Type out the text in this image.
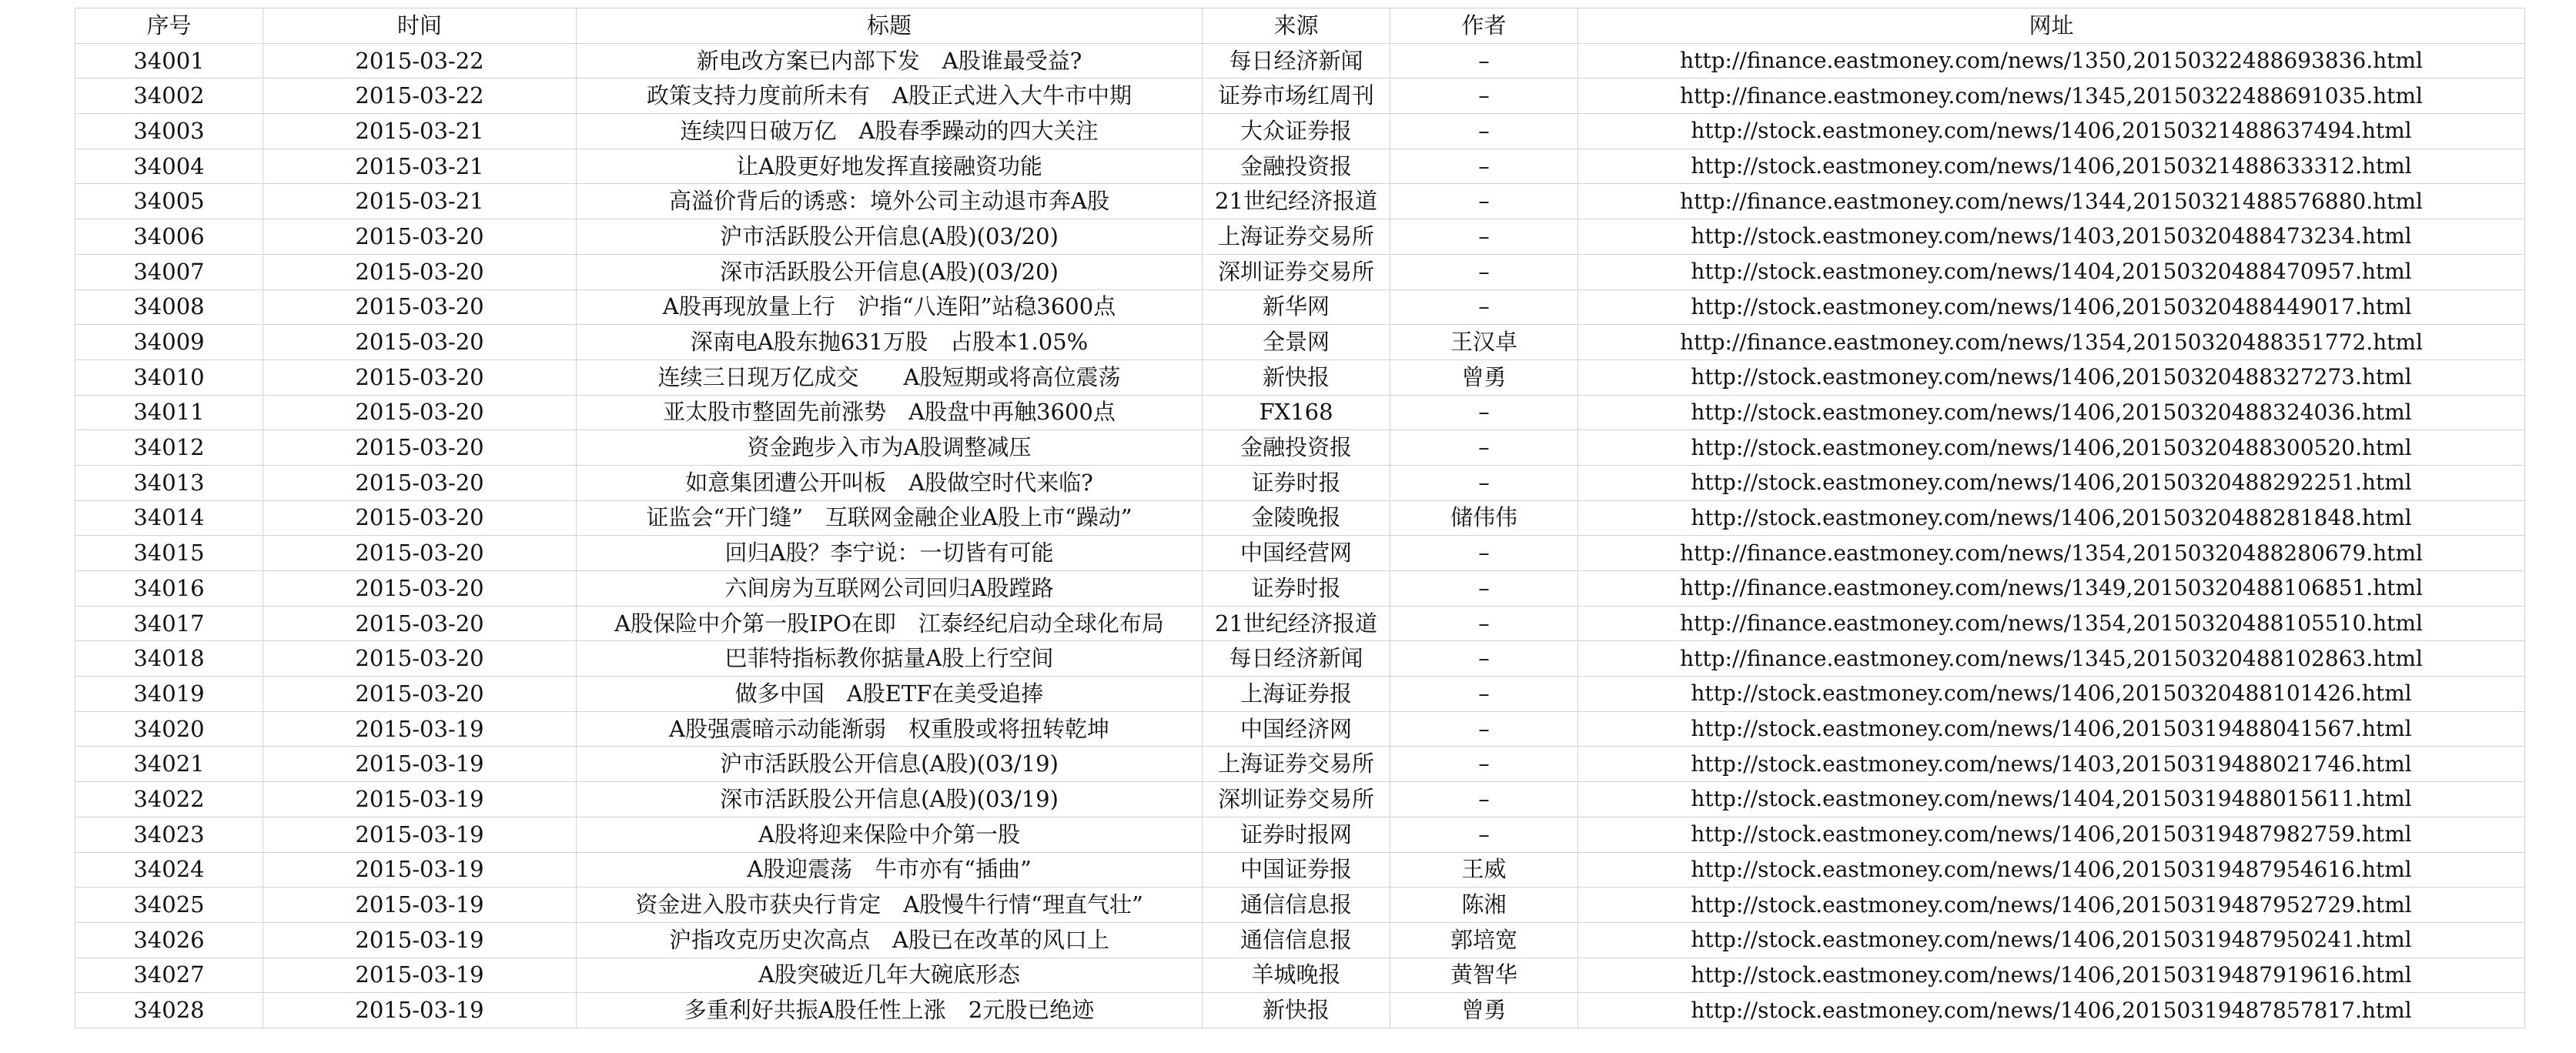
序号	时间	标题	来源	作者	网址
34001	2015-03-22	新电改方案已内部下发　A股谁最受益?	每日经济新闻	–	http://finance.eastmoney.com/news/1350,20150322488693836.html
34002	2015-03-22	政策支持力度前所未有　A股正式进入大牛市中期	证券市场红周刊	–	http://finance.eastmoney.com/news/1345,20150322488691035.html
34003	2015-03-21	连续四日破万亿　A股春季躁动的四大关注	大众证券报	–	http://stock.eastmoney.com/news/1406,20150321488637494.html
34004	2015-03-21	让A股更好地发挥直接融资功能	金融投资报	–	http://stock.eastmoney.com/news/1406,20150321488633312.html
34005	2015-03-21	高溢价背后的诱惑：境外公司主动退市奔A股	21世纪经济报道	–	http://finance.eastmoney.com/news/1344,20150321488576880.html
34006	2015-03-20	沪市活跃股公开信息(A股)(03/20)	上海证券交易所	–	http://stock.eastmoney.com/news/1403,20150320488473234.html
34007	2015-03-20	深市活跃股公开信息(A股)(03/20)	深圳证券交易所	–	http://stock.eastmoney.com/news/1404,20150320488470957.html
34008	2015-03-20	A股再现放量上行　沪指“八连阳”站稳3600点	新华网	–	http://stock.eastmoney.com/news/1406,20150320488449017.html
34009	2015-03-20	深南电A股东抛631万股　占股本1.05%	全景网	王汉卓	http://finance.eastmoney.com/news/1354,20150320488351772.html
34010	2015-03-20	连续三日现万亿成交　　A股短期或将高位震荡	新快报	曾勇	http://stock.eastmoney.com/news/1406,20150320488327273.html
34011	2015-03-20	亚太股市整固先前涨势　A股盘中再触3600点	FX168	–	http://stock.eastmoney.com/news/1406,20150320488324036.html
34012	2015-03-20	资金跑步入市为A股调整减压	金融投资报	–	http://stock.eastmoney.com/news/1406,20150320488300520.html
34013	2015-03-20	如意集团遭公开叫板　A股做空时代来临?	证券时报	–	http://stock.eastmoney.com/news/1406,20150320488292251.html
34014	2015-03-20	证监会“开门缝”　互联网金融企业A股上市“躁动”	金陵晚报	储伟伟	http://stock.eastmoney.com/news/1406,20150320488281848.html
34015	2015-03-20	回归A股？李宁说：一切皆有可能	中国经营网	–	http://finance.eastmoney.com/news/1354,20150320488280679.html
34016	2015-03-20	六间房为互联网公司回归A股蹚路	证券时报	–	http://finance.eastmoney.com/news/1349,20150320488106851.html
34017	2015-03-20	A股保险中介第一股IPO在即　江泰经纪启动全球化布局	21世纪经济报道	–	http://finance.eastmoney.com/news/1354,20150320488105510.html
34018	2015-03-20	巴菲特指标教你掂量A股上行空间	每日经济新闻	–	http://finance.eastmoney.com/news/1345,20150320488102863.html
34019	2015-03-20	做多中国　A股ETF在美受追捧	上海证券报	–	http://stock.eastmoney.com/news/1406,20150320488101426.html
34020	2015-03-19	A股强震暗示动能渐弱　权重股或将扭转乾坤	中国经济网	–	http://stock.eastmoney.com/news/1406,20150319488041567.html
34021	2015-03-19	沪市活跃股公开信息(A股)(03/19)	上海证券交易所	–	http://stock.eastmoney.com/news/1403,20150319488021746.html
34022	2015-03-19	深市活跃股公开信息(A股)(03/19)	深圳证券交易所	–	http://stock.eastmoney.com/news/1404,20150319488015611.html
34023	2015-03-19	A股将迎来保险中介第一股	证券时报网	–	http://stock.eastmoney.com/news/1406,20150319487982759.html
34024	2015-03-19	A股迎震荡　牛市亦有“插曲”	中国证券报	王威	http://stock.eastmoney.com/news/1406,20150319487954616.html
34025	2015-03-19	资金进入股市获央行肯定　A股慢牛行情“理直气壮”	通信信息报	陈湘	http://stock.eastmoney.com/news/1406,20150319487952729.html
34026	2015-03-19	沪指攻克历史次高点　A股已在改革的风口上	通信信息报	郭培宽	http://stock.eastmoney.com/news/1406,20150319487950241.html
34027	2015-03-19	A股突破近几年大碗底形态	羊城晚报	黄智华	http://stock.eastmoney.com/news/1406,20150319487919616.html
34028	2015-03-19	多重利好共振A股任性上涨　2元股已绝迹	新快报	曾勇	http://stock.eastmoney.com/news/1406,20150319487857817.html
